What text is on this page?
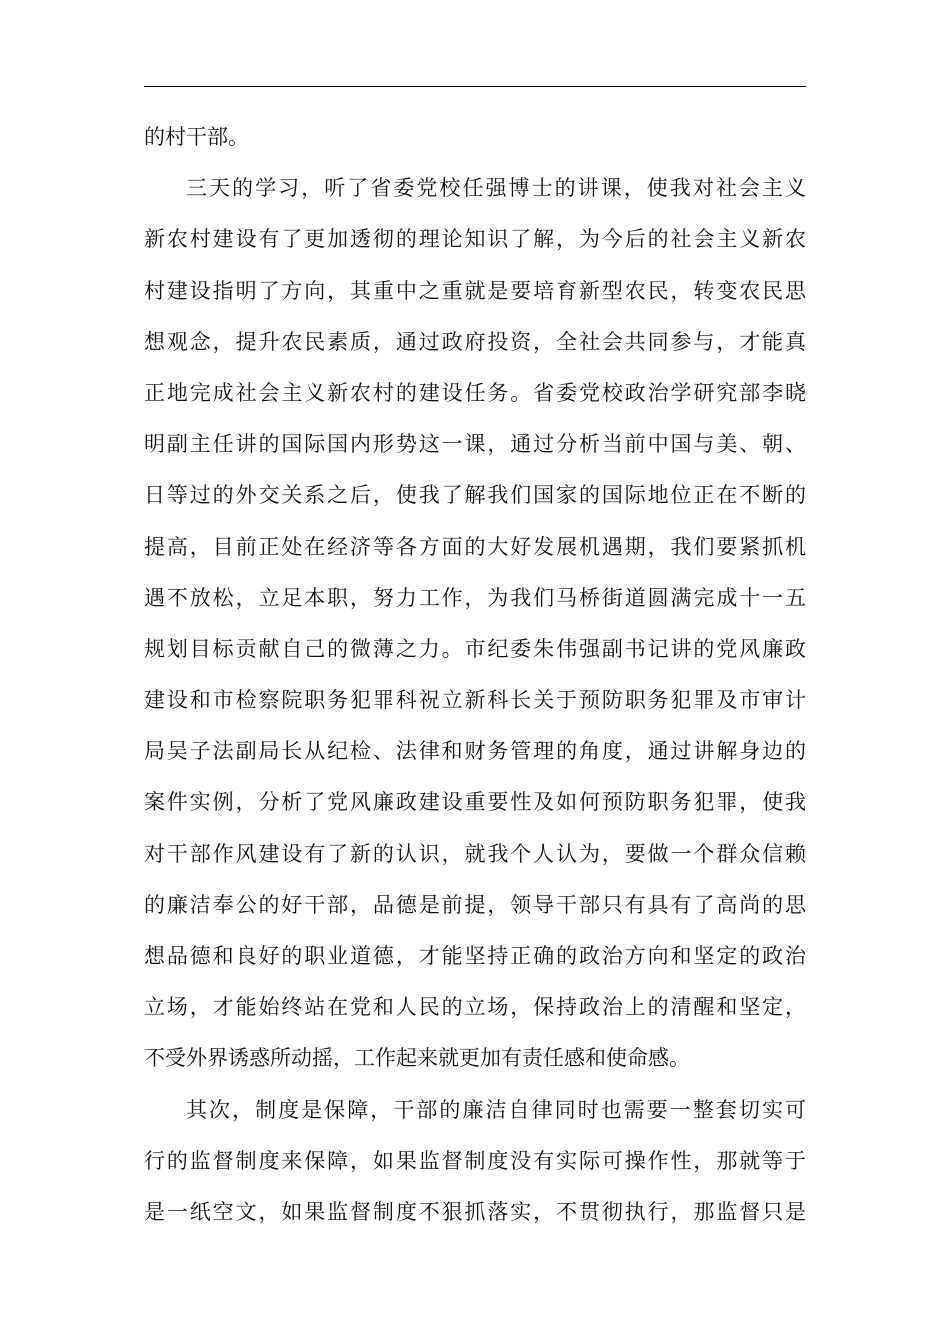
的村干部。
三天的学习，听了省委党校任强博士的讲课，使我对社会主义
新农村建设有了更加透彻的理论知识了解，为今后的社会主义新农
村建设指明了方向，其重中之重就是要培育新型农民，转变农民思
想观念，提升农民素质，通过政府投资，全社会共同参与，才能真
正地完成社会主义新农村的建设任务。省委党校政治学研究部李晓
明副主任讲的国际国内形势这一课，通过分析当前中国与美、朝、
日等过的外交关系之后，使我了解我们国家的国际地位正在不断的
提高，目前正处在经济等各方面的大好发展机遇期，我们要紧抓机
遇不放松，立足本职，努力工作，为我们马桥街道圆满完成十一五
规划目标贡献自己的微薄之力。市纪委朱伟强副书记讲的党风廉政
建设和市检察院职务犯罪科祝立新科长关于预防职务犯罪及市审计
局吴子法副局长从纪检、法律和财务管理的角度，通过讲解身边的
案件实例，分析了党风廉政建设重要性及如何预防职务犯罪，使我
对干部作风建设有了新的认识，就我个人认为，要做一个群众信赖
的廉洁奉公的好干部，品德是前提，领导干部只有具有了高尚的思
想品德和良好的职业道德，才能坚持正确的政治方向和坚定的政治
立场，才能始终站在党和人民的立场，保持政治上的清醒和坚定，
不受外界诱惑所动摇，工作起来就更加有责任感和使命感。
其次，制度是保障，干部的廉洁自律同时也需要一整套切实可
行的监督制度来保障，如果监督制度没有实际可操作性，那就等于
是一纸空文，如果监督制度不狠抓落实，不贯彻执行，那监督只是
